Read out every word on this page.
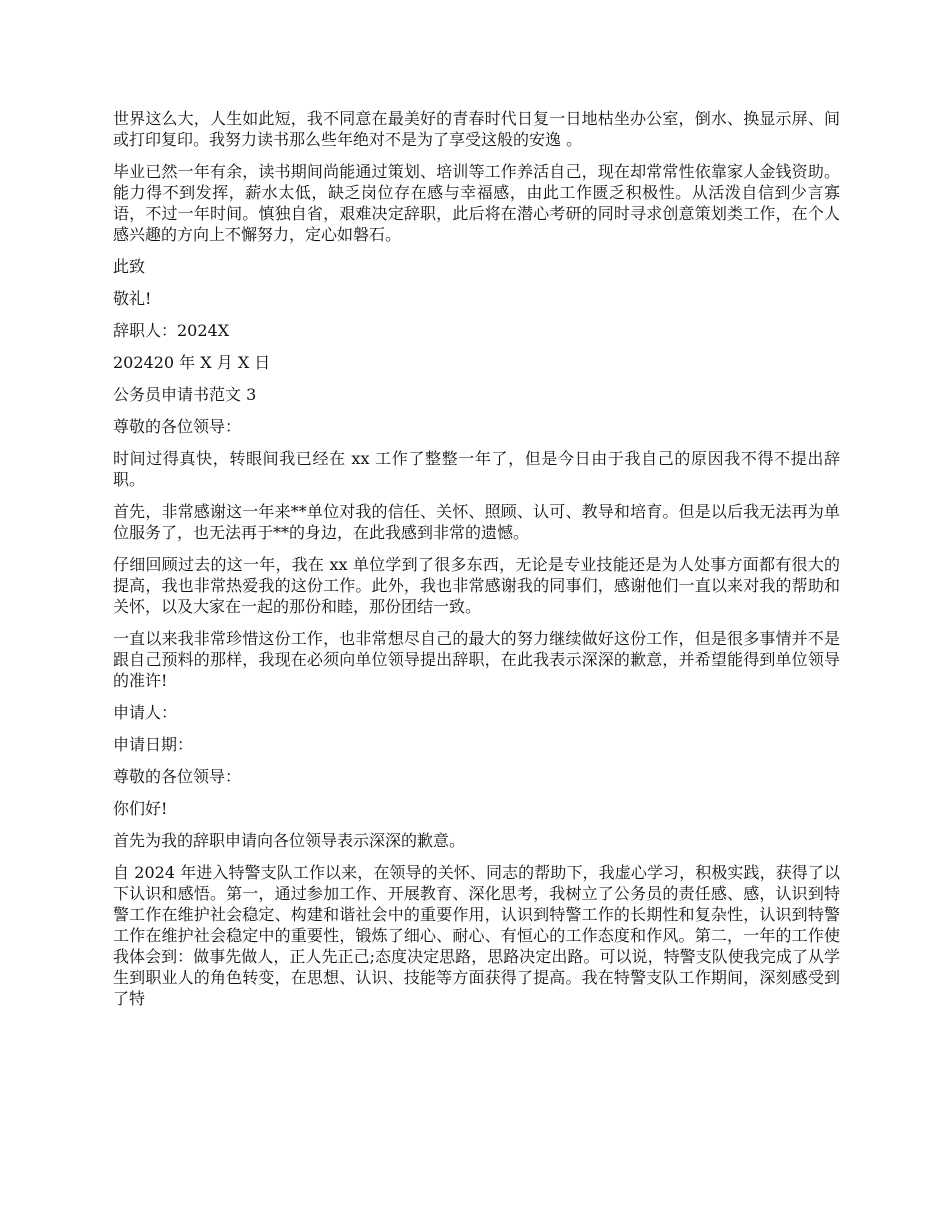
世界这么大，人生如此短，我不同意在最美好的青春时代日复一日地枯坐办公室，倒水、换显示屏、间或打印复印。我努力读书那么些年绝对不是为了享受这般的安逸 。

毕业已然一年有余，读书期间尚能通过策划、培训等工作养活自己，现在却常常性依靠家人金钱资助。能力得不到发挥，薪水太低，缺乏岗位存在感与幸福感，由此工作匮乏积极性。从活泼自信到少言寡语，不过一年时间。慎独自省，艰难决定辞职，此后将在潜心考研的同时寻求创意策划类工作，在个人感兴趣的方向上不懈努力，定心如磐石。

此致

敬礼!

辞职人：2024X

202420 年 X 月 X 日

公务员申请书范文 3

尊敬的各位领导：

时间过得真快，转眼间我已经在 xx 工作了整整一年了，但是今日由于我自己的原因我不得不提出辞职。

首先，非常感谢这一年来**单位对我的信任、关怀、照顾、认可、教导和培育。但是以后我无法再为单位服务了，也无法再于**的身边，在此我感到非常的遗憾。

仔细回顾过去的这一年，我在 xx 单位学到了很多东西，无论是专业技能还是为人处事方面都有很大的提高，我也非常热爱我的这份工作。此外，我也非常感谢我的同事们，感谢他们一直以来对我的帮助和关怀，以及大家在一起的那份和睦，那份团结一致。

一直以来我非常珍惜这份工作，也非常想尽自己的最大的努力继续做好这份工作，但是很多事情并不是跟自己预料的那样，我现在必须向单位领导提出辞职，在此我表示深深的歉意，并希望能得到单位领导的准许!

申请人：

申请日期：

尊敬的各位领导：

你们好!

首先为我的辞职申请向各位领导表示深深的歉意。

自 2024 年进入特警支队工作以来，在领导的关怀、同志的帮助下，我虚心学习，积极实践，获得了以下认识和感悟。第一，通过参加工作、开展教育、深化思考，我树立了公务员的责任感、感，认识到特警工作在维护社会稳定、构建和谐社会中的重要作用，认识到特警工作的长期性和复杂性，认识到特警工作在维护社会稳定中的重要性，锻炼了细心、耐心、有恒心的工作态度和作风。第二，一年的工作使我体会到：做事先做人，正人先正己;态度决定思路，思路决定出路。可以说，特警支队使我完成了从学生到职业人的角色转变，在思想、认识、技能等方面获得了提高。我在特警支队工作期间，深刻感受到了特
